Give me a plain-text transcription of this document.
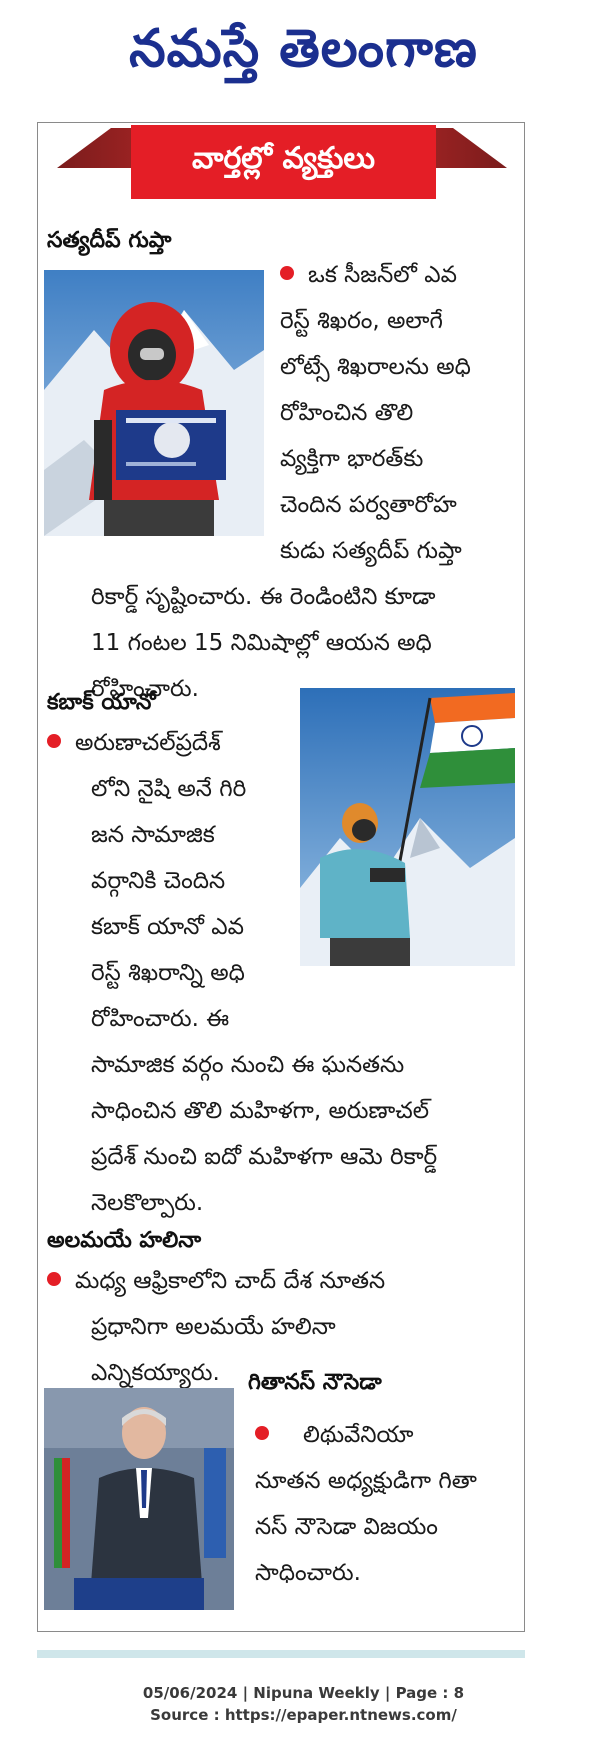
నమస్తే తెలంగాణ
వార్తల్లో వ్యక్తులు
సత్యదీప్ గుప్తా
ఒక సీజన్‌లో ఎవ
రెస్ట్ శిఖరం, అలాగే
లోట్సే శిఖరాలను అధి
రోహించిన తొలి
వ్యక్తిగా భారత్‌కు
చెందిన పర్వతారోహ
కుడు సత్యదీప్ గుప్తా
రికార్డ్ సృష్టించారు. ఈ రెండింటిని కూడా
11 గంటల 15 నిమిషాల్లో ఆయన అధి
రోహించారు.
కబాక్ యానో
అరుణాచల్‌ప్రదేశ్
లోని నైషి అనే గిరి
జన సామాజిక
వర్గానికి చెందిన
కబాక్ యానో ఎవ
రెస్ట్ శిఖరాన్ని అధి
రోహించారు. ఈ
సామాజిక వర్గం నుంచి ఈ ఘనతను
సాధించిన తొలి మహిళగా, అరుణాచల్
ప్రదేశ్ నుంచి ఐదో మహిళగా ఆమె రికార్డ్
నెలకొల్పారు.
అలమయే హలినా
మధ్య ఆఫ్రికాలోని చాద్ దేశ నూతన
ప్రధానిగా అలమయే హలినా
ఎన్నికయ్యారు. గితానస్ నౌసెడా
లిథువేనియా
నూతన అధ్యక్షుడిగా గితా
నస్ నౌసెడా విజయం
సాధించారు.
05/06/2024 | Nipuna Weekly | Page : 8
Source : https://epaper.ntnews.com/
